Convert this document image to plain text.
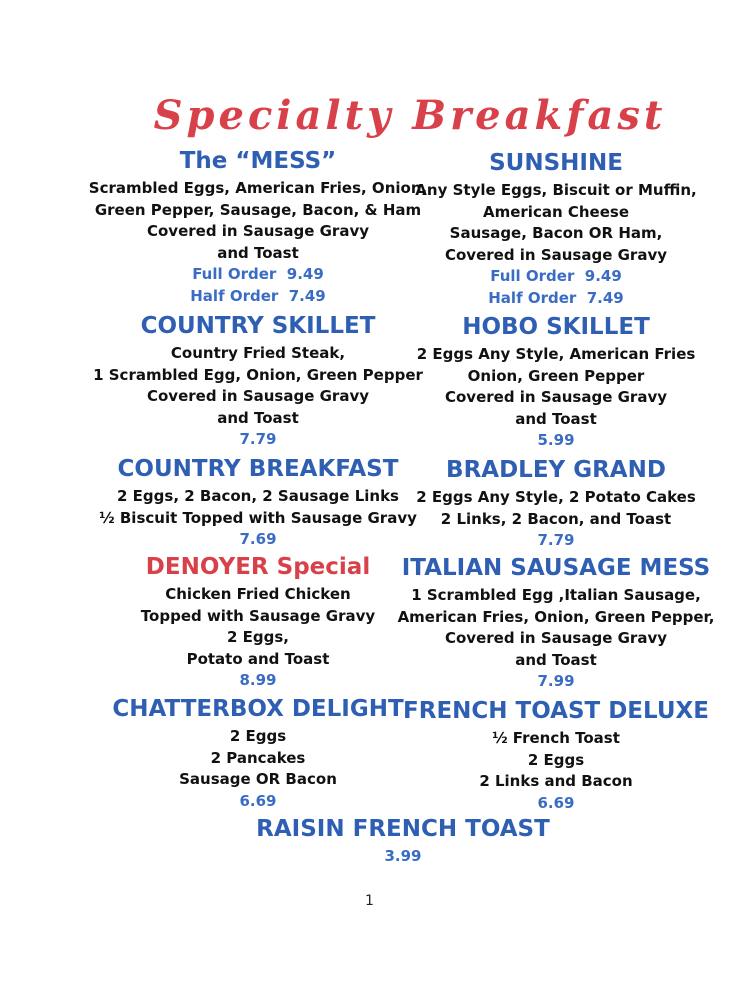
Specialty Breakfast
The “MESS”
Scrambled Eggs, American Fries, Onion,
Green Pepper, Sausage, Bacon, & Ham
Covered in Sausage Gravy
and Toast
Full Order  9.49
Half Order  7.49
COUNTRY SKILLET
Country Fried Steak,
1 Scrambled Egg, Onion, Green Pepper
Covered in Sausage Gravy
and Toast
7.79
COUNTRY BREAKFAST
2 Eggs, 2 Bacon, 2 Sausage Links
½ Biscuit Topped with Sausage Gravy
7.69
DENOYER Special
Chicken Fried Chicken
Topped with Sausage Gravy
2 Eggs,
Potato and Toast
8.99
CHATTERBOX DELIGHT
2 Eggs
2 Pancakes
Sausage OR Bacon
6.69
SUNSHINE
Any Style Eggs, Biscuit or Muffin,
American Cheese
Sausage, Bacon OR Ham,
Covered in Sausage Gravy
Full Order  9.49
Half Order  7.49
HOBO SKILLET
2 Eggs Any Style, American Fries
Onion, Green Pepper
Covered in Sausage Gravy
and Toast
5.99
BRADLEY GRAND
2 Eggs Any Style, 2 Potato Cakes
2 Links, 2 Bacon, and Toast
7.79
ITALIAN SAUSAGE MESS
1 Scrambled Egg ,Italian Sausage,
American Fries, Onion, Green Pepper,
Covered in Sausage Gravy
and Toast
7.99
FRENCH TOAST DELUXE
½ French Toast
2 Eggs
2 Links and Bacon
6.69
RAISIN FRENCH TOAST
3.99
1
